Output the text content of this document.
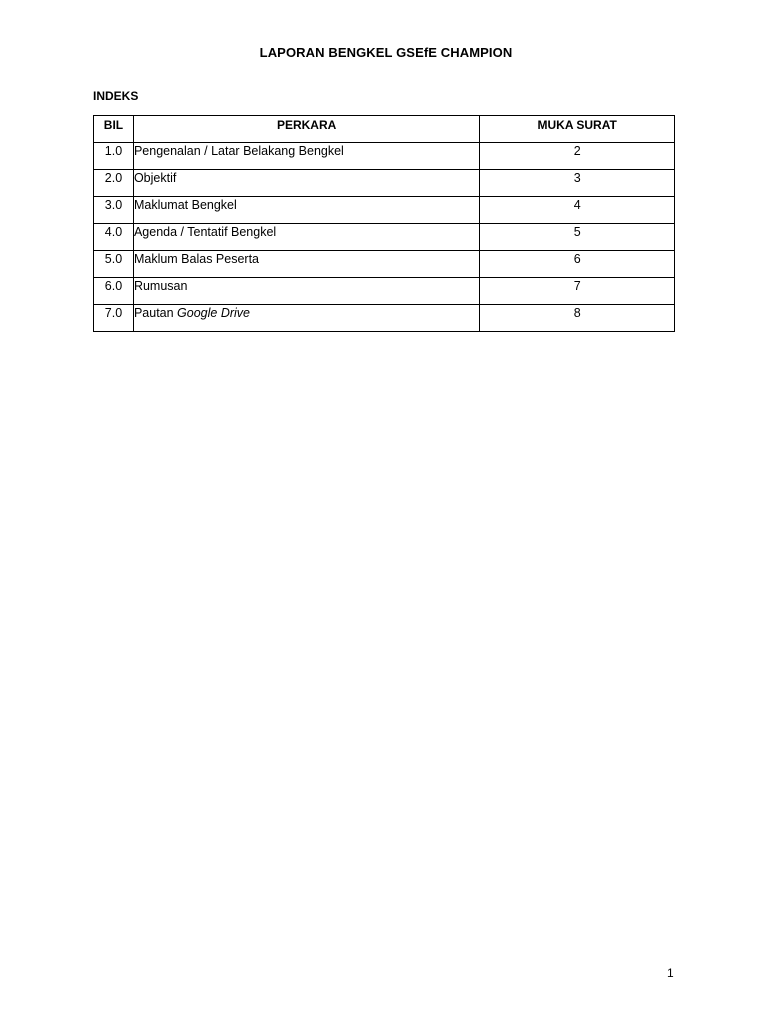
LAPORAN BENGKEL GSEfE CHAMPION
INDEKS
BIL	PERKARA	MUKA SURAT
1.0	Pengenalan / Latar Belakang Bengkel	2
2.0	Objektif	3
3.0	Maklumat Bengkel	4
4.0	Agenda / Tentatif Bengkel	5
5.0	Maklum Balas Peserta	6
6.0	Rumusan	7
7.0	Pautan Google Drive	8
1
